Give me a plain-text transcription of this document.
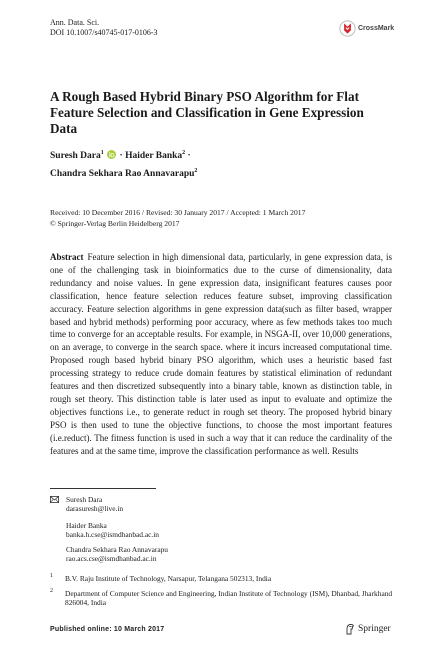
Ann. Data. Sci.
DOI 10.1007/s40745-017-0106-3	CrossMark
A Rough Based Hybrid Binary PSO Algorithm for Flat Feature Selection and Classification in Gene Expression Data
Suresh Dara$^1$ · Haider Banka$^2$ ·
Chandra Sekhara Rao Annavarapu$^2$
Received: 10 December 2016 / Revised: 30 January 2017 / Accepted: 1 March 2017
© Springer-Verlag Berlin Heidelberg 2017

Abstract Feature selection in high dimensional data, particularly, in gene expression data, is one of the challenging task in bioinformatics due to the curse of dimensionality, data redundancy and noise values. In gene expression data, insignificant features causes poor classification, hence feature selection reduces feature subset, improving classification accuracy. Feature selection algorithms in gene expression data(such as filter based, wrapper based and hybrid methods) performing poor accuracy, where as few methods takes too much time to converge for an acceptable results. For example, in NSGA-II, over 10,000 generations, on an average, to converge in the search space. where it incurs increased computational time. Proposed rough based hybrid binary PSO algorithm, which uses a heuristic based fast processing strategy to reduce crude domain features by statistical elimination of redundant features and then discretized subsequently into a binary table, known as distinction table, in rough set theory. This distinction table is later used as input to evaluate and optimize the objectives functions i.e., to generate reduct in rough set theory. The proposed hybrid binary PSO is then used to tune the objective functions, to choose the most important features (i.e.reduct). The fitness function is used in such a way that it can reduce the cardinality of the features and at the same time, improve the classification performance as well. Results

Suresh Dara
darasuresh@live.in
Haider Banka
banka.h.cse@ismdhanbad.ac.in
Chandra Sekhara Rao Annavarapu
rao.acs.cse@ismdhanbad.ac.in
1 B.V. Raju Institute of Technology, Narsapur, Telangana 502313, India
2 Department of Computer Science and Engineering, Indian Institute of Technology (ISM), Dhanbad, Jharkhand 826004, India
Published online: 10 March 2017	Springer
